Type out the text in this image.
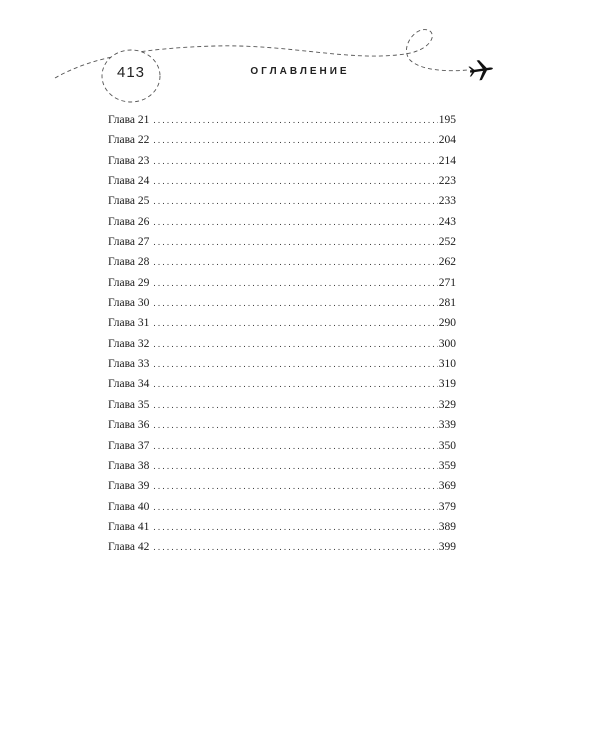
413	ОГЛАВЛЕНИЕ
Глава 21 . . .	195
Глава 22 . . .	204
Глава 23 . . .	214
Глава 24 . . .	223
Глава 25 . . .	233
Глава 26 . . .	243
Глава 27 . . .	252
Глава 28 . . .	262
Глава 29 . . .	271
Глава 30 . . .	281
Глава 31 . . .	290
Глава 32 . . .	300
Глава 33 . . .	310
Глава 34 . . .	319
Глава 35 . . .	329
Глава 36 . . .	339
Глава 37 . . .	350
Глава 38 . . .	359
Глава 39 . . .	369
Глава 40 . . .	379
Глава 41 . . .	389
Глава 42 . . .	399
